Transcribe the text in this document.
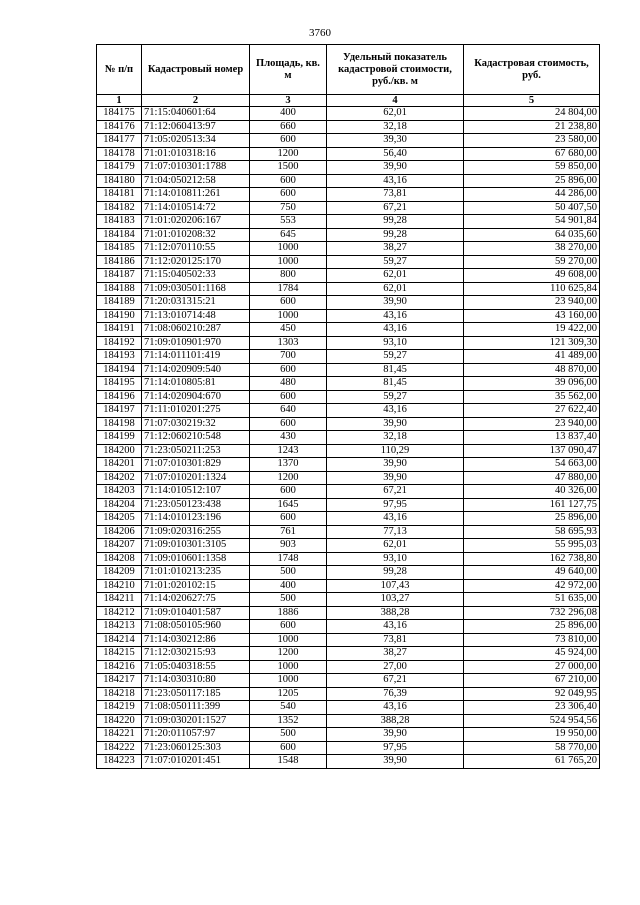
3760
№ п/п	Кадастровый номер	Площадь, кв. м	Удельный показатель кадастровой стоимости, руб./кв. м	Кадастровая стоимость, руб.
1	2	3	4	5
184175	71:15:040601:64	400	62,01	24 804,00
184176	71:12:060413:97	660	32,18	21 238,80
184177	71:05:020513:34	600	39,30	23 580,00
184178	71:01:010318:16	1200	56,40	67 680,00
184179	71:07:010301:1788	1500	39,90	59 850,00
184180	71:04:050212:58	600	43,16	25 896,00
184181	71:14:010811:261	600	73,81	44 286,00
184182	71:14:010514:72	750	67,21	50 407,50
184183	71:01:020206:167	553	99,28	54 901,84
184184	71:01:010208:32	645	99,28	64 035,60
184185	71:12:070110:55	1000	38,27	38 270,00
184186	71:12:020125:170	1000	59,27	59 270,00
184187	71:15:040502:33	800	62,01	49 608,00
184188	71:09:030501:1168	1784	62,01	110 625,84
184189	71:20:031315:21	600	39,90	23 940,00
184190	71:13:010714:48	1000	43,16	43 160,00
184191	71:08:060210:287	450	43,16	19 422,00
184192	71:09:010901:970	1303	93,10	121 309,30
184193	71:14:011101:419	700	59,27	41 489,00
184194	71:14:020909:540	600	81,45	48 870,00
184195	71:14:010805:81	480	81,45	39 096,00
184196	71:14:020904:670	600	59,27	35 562,00
184197	71:11:010201:275	640	43,16	27 622,40
184198	71:07:030219:32	600	39,90	23 940,00
184199	71:12:060210:548	430	32,18	13 837,40
184200	71:23:050211:253	1243	110,29	137 090,47
184201	71:07:010301:829	1370	39,90	54 663,00
184202	71:07:010201:1324	1200	39,90	47 880,00
184203	71:14:010512:107	600	67,21	40 326,00
184204	71:23:050123:438	1645	97,95	161 127,75
184205	71:14:010123:196	600	43,16	25 896,00
184206	71:09:020316:255	761	77,13	58 695,93
184207	71:09:010301:3105	903	62,01	55 995,03
184208	71:09:010601:1358	1748	93,10	162 738,80
184209	71:01:010213:235	500	99,28	49 640,00
184210	71:01:020102:15	400	107,43	42 972,00
184211	71:14:020627:75	500	103,27	51 635,00
184212	71:09:010401:587	1886	388,28	732 296,08
184213	71:08:050105:960	600	43,16	25 896,00
184214	71:14:030212:86	1000	73,81	73 810,00
184215	71:12:030215:93	1200	38,27	45 924,00
184216	71:05:040318:55	1000	27,00	27 000,00
184217	71:14:030310:80	1000	67,21	67 210,00
184218	71:23:050117:185	1205	76,39	92 049,95
184219	71:08:050111:399	540	43,16	23 306,40
184220	71:09:030201:1527	1352	388,28	524 954,56
184221	71:20:011057:97	500	39,90	19 950,00
184222	71:23:060125:303	600	97,95	58 770,00
184223	71:07:010201:451	1548	39,90	61 765,20
